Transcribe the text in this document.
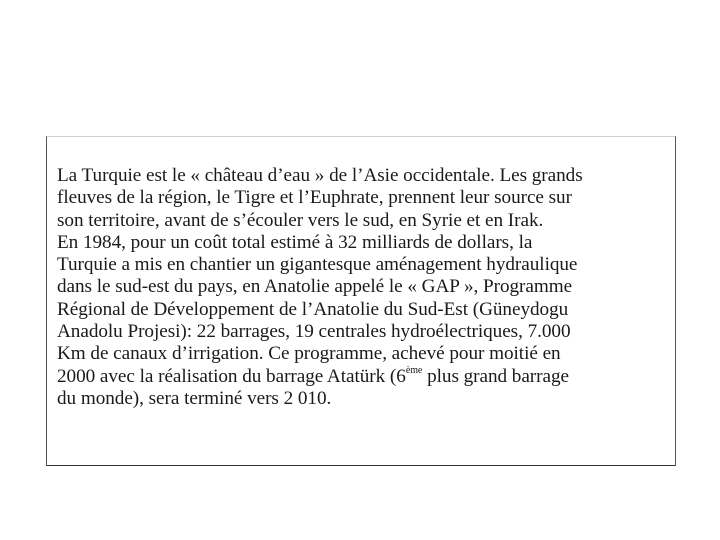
La Turquie est le « château d’eau » de l’Asie occidentale. Les grands
fleuves de la région, le Tigre et l’Euphrate, prennent leur source sur
son territoire, avant de s’écouler vers le sud, en Syrie et en Irak.
En 1984, pour un coût total estimé à 32 milliards de dollars, la
Turquie a mis en chantier un gigantesque aménagement hydraulique
dans le sud-est du pays, en Anatolie appelé le « GAP », Programme
Régional de Développement de l’Anatolie du Sud-Est (Güneydogu
Anadolu Projesi): 22 barrages, 19 centrales hydroélectriques, 7.000
Km de canaux d’irrigation. Ce programme, achevé pour moitié en
2000 avec la réalisation du barrage Atatürk (6ème plus grand barrage
du monde), sera terminé vers 2 010.
